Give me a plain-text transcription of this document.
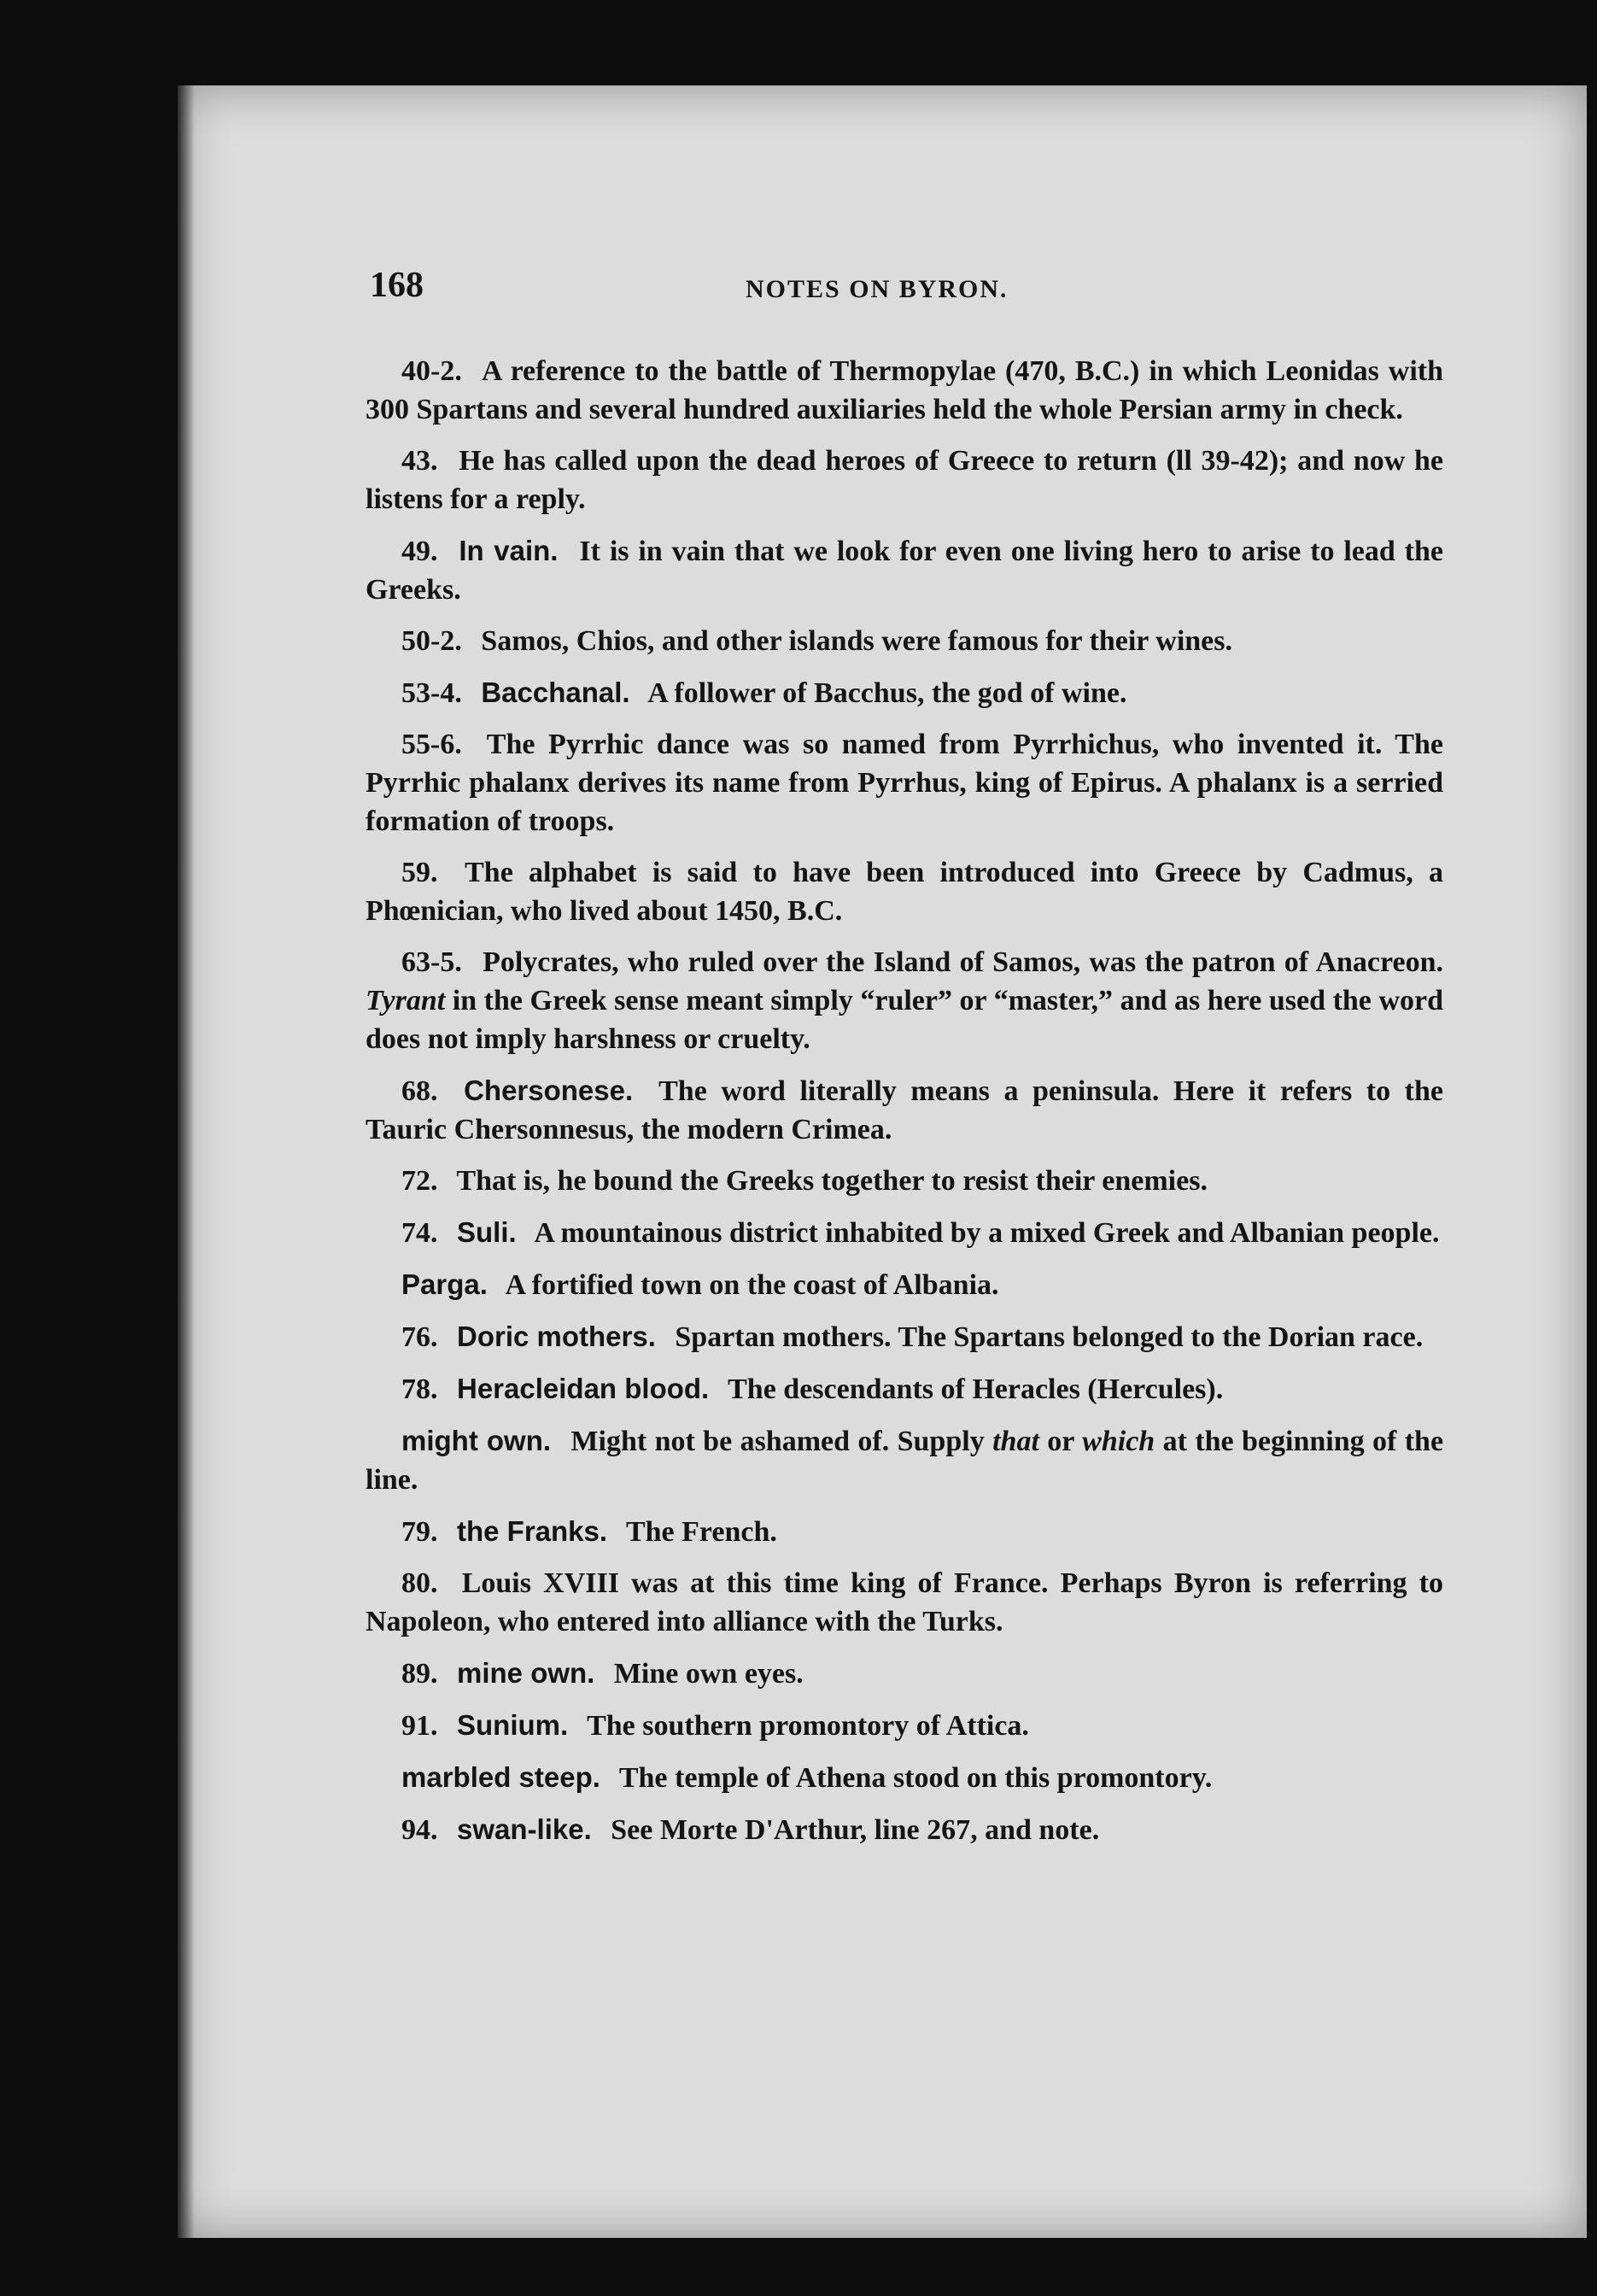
168	NOTES ON BYRON.

40-2. A reference to the battle of Thermopylae (470, B.C.) in which Leonidas with 300 Spartans and several hundred auxiliaries held the whole Persian army in check.

43. He has called upon the dead heroes of Greece to return (ll 39-42); and now he listens for a reply.

49. In vain. It is in vain that we look for even one living hero to arise to lead the Greeks.

50-2. Samos, Chios, and other islands were famous for their wines.

53-4. Bacchanal. A follower of Bacchus, the god of wine.

55-6. The Pyrrhic dance was so named from Pyrrhichus, who invented it. The Pyrrhic phalanx derives its name from Pyrrhus, king of Epirus. A phalanx is a serried formation of troops.

59. The alphabet is said to have been introduced into Greece by Cadmus, a Phœnician, who lived about 1450, B.C.

63-5. Polycrates, who ruled over the Island of Samos, was the patron of Anacreon. Tyrant in the Greek sense meant simply “ruler” or “master,” and as here used the word does not imply harshness or cruelty.

68. Chersonese. The word literally means a peninsula. Here it refers to the Tauric Chersonnesus, the modern Crimea.

72. That is, he bound the Greeks together to resist their enemies.

74. Suli. A mountainous district inhabited by a mixed Greek and Albanian people.

Parga. A fortified town on the coast of Albania.

76. Doric mothers. Spartan mothers. The Spartans belonged to the Dorian race.

78. Heracleidan blood. The descendants of Heracles (Hercules).

might own. Might not be ashamed of. Supply that or which at the beginning of the line.

79. the Franks. The French.

80. Louis XVIII was at this time king of France. Perhaps Byron is referring to Napoleon, who entered into alliance with the Turks.

89. mine own. Mine own eyes.

91. Sunium. The southern promontory of Attica.

marbled steep. The temple of Athena stood on this promontory.

94. swan-like. See Morte D'Arthur, line 267, and note.
